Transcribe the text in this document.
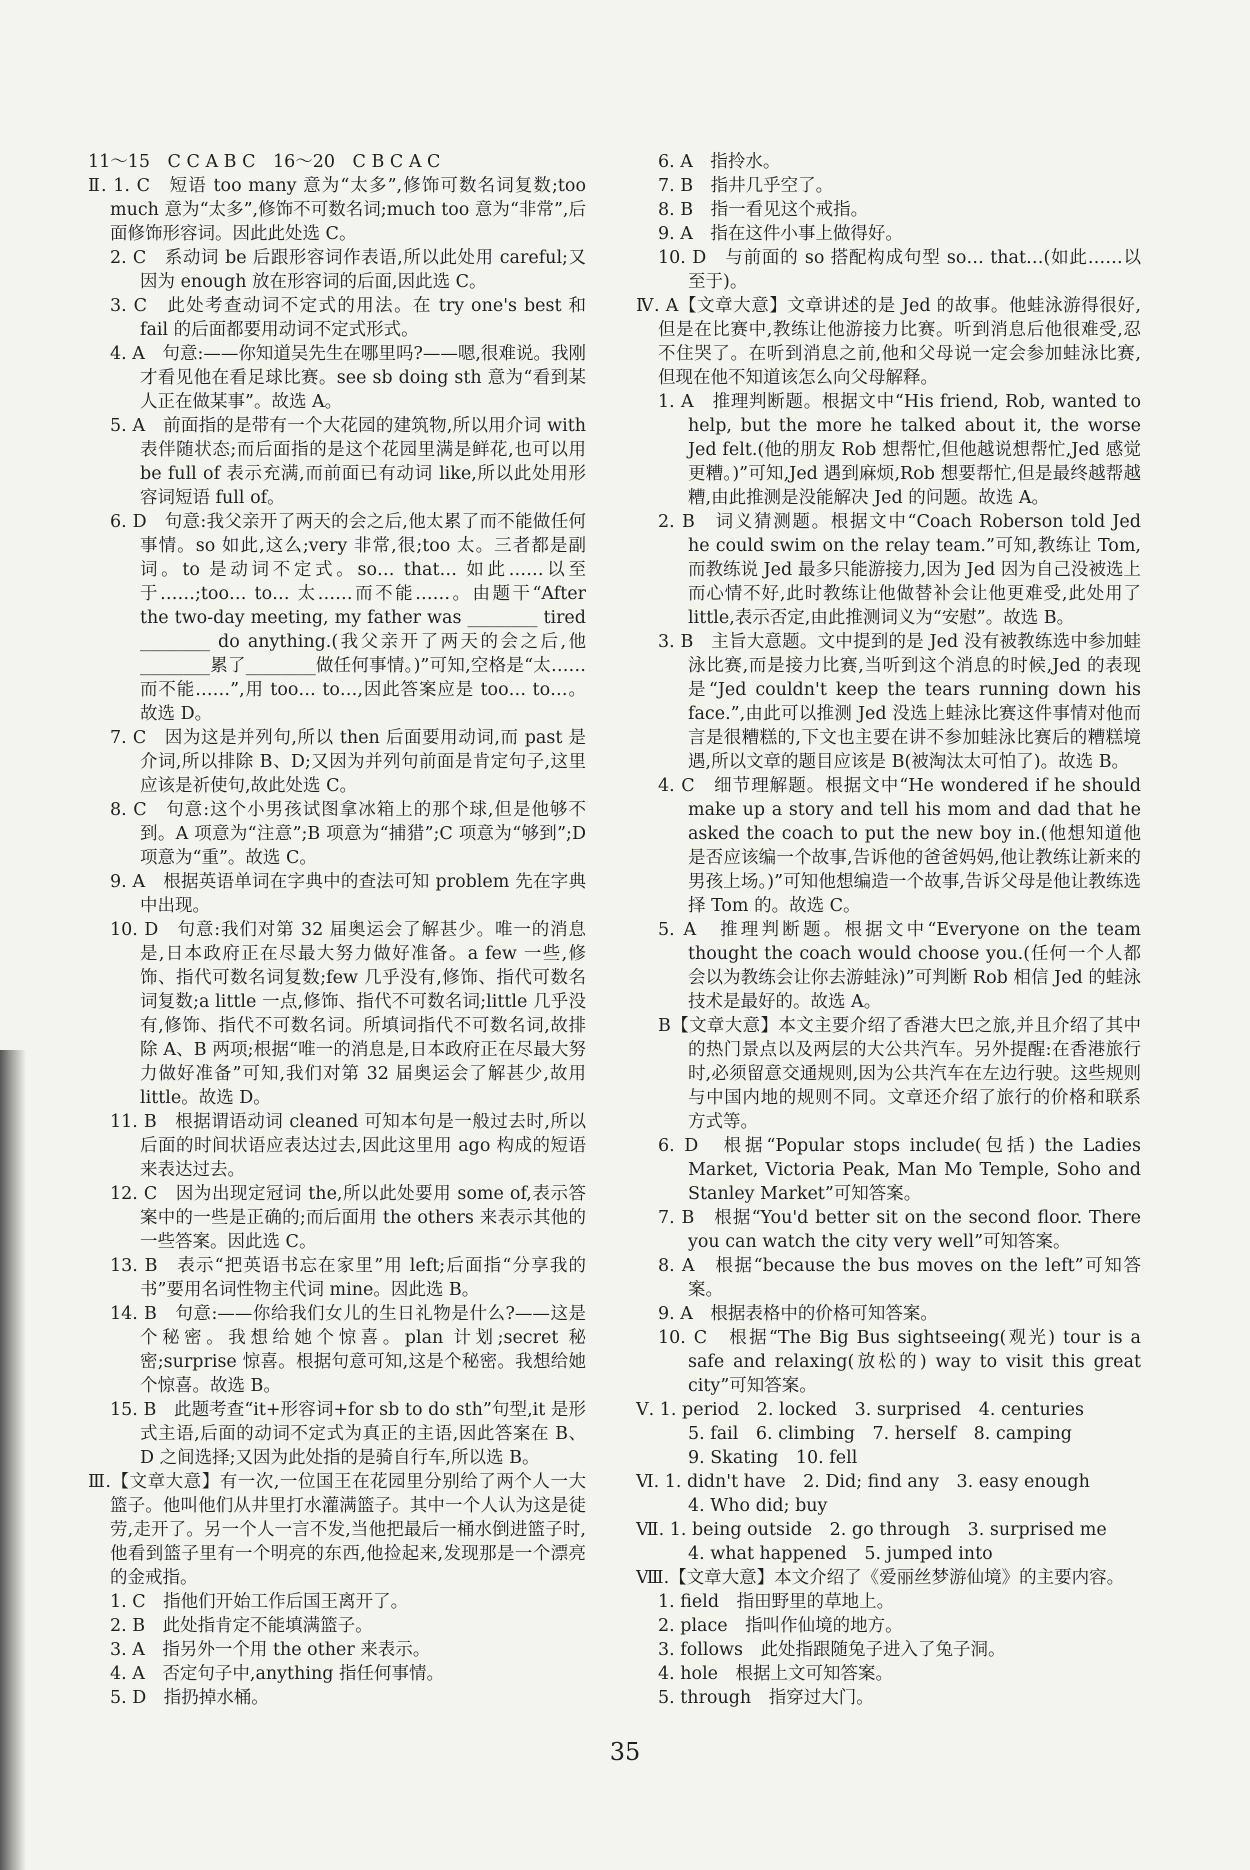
11～15　C C A B C　16～20　C B C A C

Ⅱ. 1. C　短语 too many 意为“太多”,修饰可数名词复数;too much 意为“太多”,修饰不可数名词;much too 意为“非常”,后面修饰形容词。因此此处选 C。

2. C　系动词 be 后跟形容词作表语,所以此处用 careful;又因为 enough 放在形容词的后面,因此选 C。

3. C　此处考查动词不定式的用法。在 try one's best 和 fail 的后面都要用动词不定式形式。

4. A　句意:——你知道吴先生在哪里吗?——嗯,很难说。我刚才看见他在看足球比赛。see sb doing sth 意为“看到某人正在做某事”。故选 A。

5. A　前面指的是带有一个大花园的建筑物,所以用介词 with 表伴随状态;而后面指的是这个花园里满是鲜花,也可以用 be full of 表示充满,而前面已有动词 like,所以此处用形容词短语 full of。

6. D　句意:我父亲开了两天的会之后,他太累了而不能做任何事情。so 如此,这么;very 非常,很;too 太。三者都是副词。to 是动词不定式。so… that… 如此……以至于……;too… to… 太……而不能……。由题干“After the two-day meeting, my father was ________ tired ________ do anything.(我父亲开了两天的会之后,他________累了________做任何事情。)”可知,空格是“太……而不能……”,用 too… to…,因此答案应是 too… to…。故选 D。

7. C　因为这是并列句,所以 then 后面要用动词,而 past 是介词,所以排除 B、D;又因为并列句前面是肯定句子,这里应该是祈使句,故此处选 C。

8. C　句意:这个小男孩试图拿冰箱上的那个球,但是他够不到。A 项意为“注意”;B 项意为“捕猎”;C 项意为“够到”;D 项意为“重”。故选 C。

9. A　根据英语单词在字典中的查法可知 problem 先在字典中出现。

10. D　句意:我们对第 32 届奥运会了解甚少。唯一的消息是,日本政府正在尽最大努力做好准备。a few 一些,修饰、指代可数名词复数;few 几乎没有,修饰、指代可数名词复数;a little 一点,修饰、指代不可数名词;little 几乎没有,修饰、指代不可数名词。所填词指代不可数名词,故排除 A、B 两项;根据“唯一的消息是,日本政府正在尽最大努力做好准备”可知,我们对第 32 届奥运会了解甚少,故用 little。故选 D。

11. B　根据谓语动词 cleaned 可知本句是一般过去时,所以后面的时间状语应表达过去,因此这里用 ago 构成的短语来表达过去。

12. C　因为出现定冠词 the,所以此处要用 some of,表示答案中的一些是正确的;而后面用 the others 来表示其他的一些答案。因此选 C。

13. B　表示“把英语书忘在家里”用 left;后面指“分享我的书”要用名词性物主代词 mine。因此选 B。

14. B　句意:——你给我们女儿的生日礼物是什么?——这是个秘密。我想给她个惊喜。plan 计划;secret 秘密;surprise 惊喜。根据句意可知,这是个秘密。我想给她个惊喜。故选 B。

15. B　此题考查“it+形容词+for sb to do sth”句型,it 是形式主语,后面的动词不定式为真正的主语,因此答案在 B、D 之间选择;又因为此处指的是骑自行车,所以选 B。

Ⅲ.【文章大意】有一次,一位国王在花园里分别给了两个人一大篮子。他叫他们从井里打水灌满篮子。其中一个人认为这是徒劳,走开了。另一个人一言不发,当他把最后一桶水倒进篮子时,他看到篮子里有一个明亮的东西,他捡起来,发现那是一个漂亮的金戒指。

1. C　指他们开始工作后国王离开了。

2. B　此处指肯定不能填满篮子。

3. A　指另外一个用 the other 来表示。

4. A　否定句子中,anything 指任何事情。

5. D　指扔掉水桶。

6. A　指拎水。

7. B　指井几乎空了。

8. B　指一看见这个戒指。

9. A　指在这件小事上做得好。

10. D　与前面的 so 搭配构成句型 so… that…(如此……以至于)。

Ⅳ. A【文章大意】文章讲述的是 Jed 的故事。他蛙泳游得很好,但是在比赛中,教练让他游接力比赛。听到消息后他很难受,忍不住哭了。在听到消息之前,他和父母说一定会参加蛙泳比赛,但现在他不知道该怎么向父母解释。

1. A　推理判断题。根据文中“His friend, Rob, wanted to help, but the more he talked about it, the worse Jed felt.(他的朋友 Rob 想帮忙,但他越说想帮忙,Jed 感觉更糟。)”可知,Jed 遇到麻烦,Rob 想要帮忙,但是最终越帮越糟,由此推测是没能解决 Jed 的问题。故选 A。

2. B　词义猜测题。根据文中“Coach Roberson told Jed he could swim on the relay team.”可知,教练让 Tom,而教练说 Jed 最多只能游接力,因为 Jed 因为自己没被选上而心情不好,此时教练让他做替补会让他更难受,此处用了 little,表示否定,由此推测词义为“安慰”。故选 B。

3. B　主旨大意题。文中提到的是 Jed 没有被教练选中参加蛙泳比赛,而是接力比赛,当听到这个消息的时候,Jed 的表现是“Jed couldn't keep the tears running down his face.”,由此可以推测 Jed 没选上蛙泳比赛这件事情对他而言是很糟糕的,下文也主要在讲不参加蛙泳比赛后的糟糕境遇,所以文章的题目应该是 B(被淘汰太可怕了)。故选 B。

4. C　细节理解题。根据文中“He wondered if he should make up a story and tell his mom and dad that he asked the coach to put the new boy in.(他想知道他是否应该编一个故事,告诉他的爸爸妈妈,他让教练让新来的男孩上场。)”可知他想编造一个故事,告诉父母是他让教练选择 Tom 的。故选 C。

5. A　推理判断题。根据文中“Everyone on the team thought the coach would choose you.(任何一个人都会以为教练会让你去游蛙泳)”可判断 Rob 相信 Jed 的蛙泳技术是最好的。故选 A。

B【文章大意】本文主要介绍了香港大巴之旅,并且介绍了其中的热门景点以及两层的大公共汽车。另外提醒:在香港旅行时,必须留意交通规则,因为公共汽车在左边行驶。这些规则与中国内地的规则不同。文章还介绍了旅行的价格和联系方式等。

6. D　根据“Popular stops include(包括) the Ladies Market, Victoria Peak, Man Mo Temple, Soho and Stanley Market”可知答案。

7. B　根据“You'd better sit on the second floor. There you can watch the city very well”可知答案。

8. A　根据“because the bus moves on the left”可知答案。

9. A　根据表格中的价格可知答案。

10. C　根据“The Big Bus sightseeing(观光) tour is a safe and relaxing(放松的) way to visit this great city”可知答案。

Ⅴ. 1. period　2. locked　3. surprised　4. centuries

5. fail　6. climbing　7. herself　8. camping

9. Skating　10. fell

Ⅵ. 1. didn't have　2. Did; find any　3. easy enough

4. Who did; buy

Ⅶ. 1. being outside　2. go through　3. surprised me

4. what happened　5. jumped into

Ⅷ.【文章大意】本文介绍了《爱丽丝梦游仙境》的主要内容。

1. field　指田野里的草地上。

2. place　指叫作仙境的地方。

3. follows　此处指跟随兔子进入了兔子洞。

4. hole　根据上文可知答案。

5. through　指穿过大门。

35
